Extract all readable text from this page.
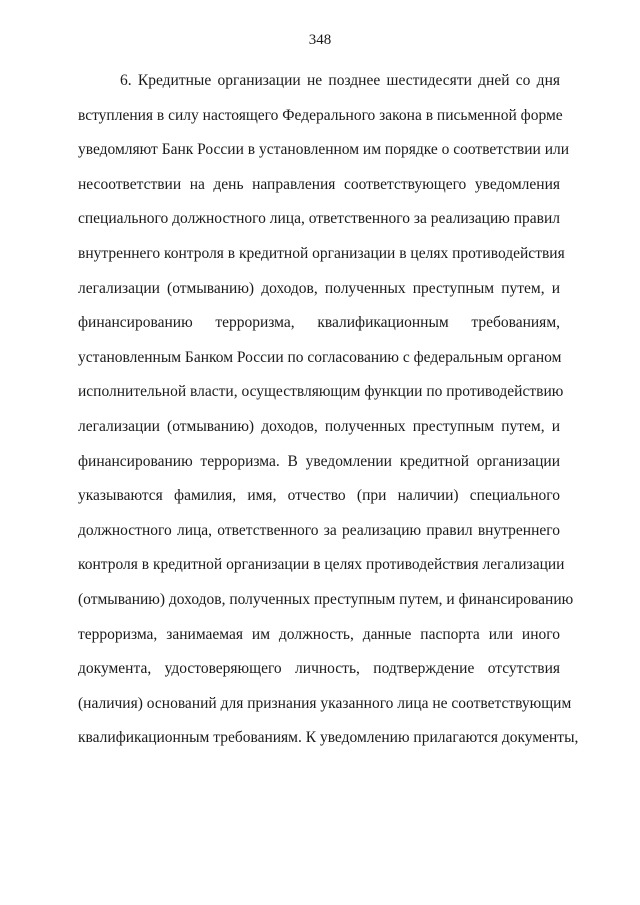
348
6. Кредитные организации не позднее шестидесяти дней со дня
вступления в силу настоящего Федерального закона в письменной форме
уведомляют Банк России в установленном им порядке о соответствии или
несоответствии на день направления соответствующего уведомления
специального должностного лица, ответственного за реализацию правил
внутреннего контроля в кредитной организации в целях противодействия
легализации (отмыванию) доходов, полученных преступным путем, и
финансированию терроризма, квалификационным требованиям,
установленным Банком России по согласованию с федеральным органом
исполнительной власти, осуществляющим функции по противодействию
легализации (отмыванию) доходов, полученных преступным путем, и
финансированию терроризма. В уведомлении кредитной организации
указываются фамилия, имя, отчество (при наличии) специального
должностного лица, ответственного за реализацию правил внутреннего
контроля в кредитной организации в целях противодействия легализации
(отмыванию) доходов, полученных преступным путем, и финансированию
терроризма, занимаемая им должность, данные паспорта или иного
документа, удостоверяющего личность, подтверждение отсутствия
(наличия) оснований для признания указанного лица не соответствующим
квалификационным требованиям. К уведомлению прилагаются документы,
